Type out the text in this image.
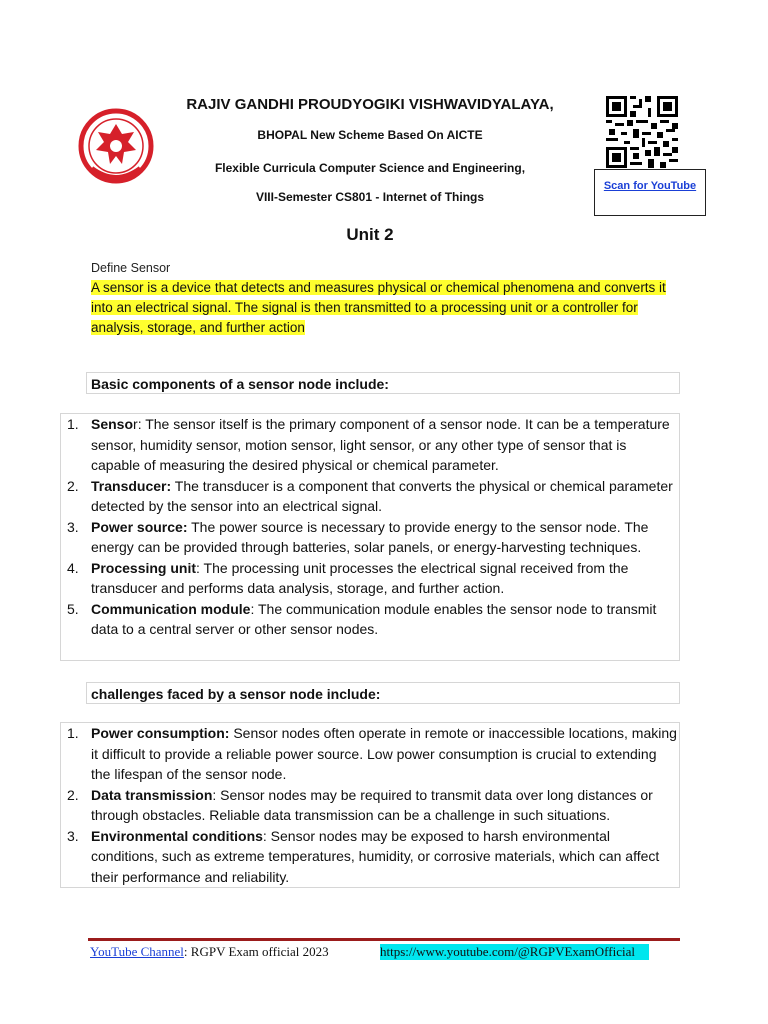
RAJIV GANDHI PROUDYOGIKI VISHWAVIDYALAYA,
BHOPAL New Scheme Based On AICTE
Flexible Curricula Computer Science and Engineering,
VIII-Semester CS801 - Internet of Things
Unit 2
Scan for YouTube
Define Sensor
A sensor is a device that detects and measures physical or chemical phenomena and converts it into an electrical signal. The signal is then transmitted to a processing unit or a controller for analysis, storage, and further action
Basic components of a sensor node include:
1. Sensor: The sensor itself is the primary component of a sensor node. It can be a temperature sensor, humidity sensor, motion sensor, light sensor, or any other type of sensor that is capable of measuring the desired physical or chemical parameter.
2. Transducer: The transducer is a component that converts the physical or chemical parameter detected by the sensor into an electrical signal.
3. Power source: The power source is necessary to provide energy to the sensor node. The energy can be provided through batteries, solar panels, or energy-harvesting techniques.
4. Processing unit: The processing unit processes the electrical signal received from the transducer and performs data analysis, storage, and further action.
5. Communication module: The communication module enables the sensor node to transmit data to a central server or other sensor nodes.
challenges faced by a sensor node include:
1. Power consumption: Sensor nodes often operate in remote or inaccessible locations, making it difficult to provide a reliable power source. Low power consumption is crucial to extending the lifespan of the sensor node.
2. Data transmission: Sensor nodes may be required to transmit data over long distances or through obstacles. Reliable data transmission can be a challenge in such situations.
3. Environmental conditions: Sensor nodes may be exposed to harsh environmental conditions, such as extreme temperatures, humidity, or corrosive materials, which can affect their performance and reliability.
YouTube Channel: RGPV Exam official 2023	https://www.youtube.com/@RGPVExamOfficial
